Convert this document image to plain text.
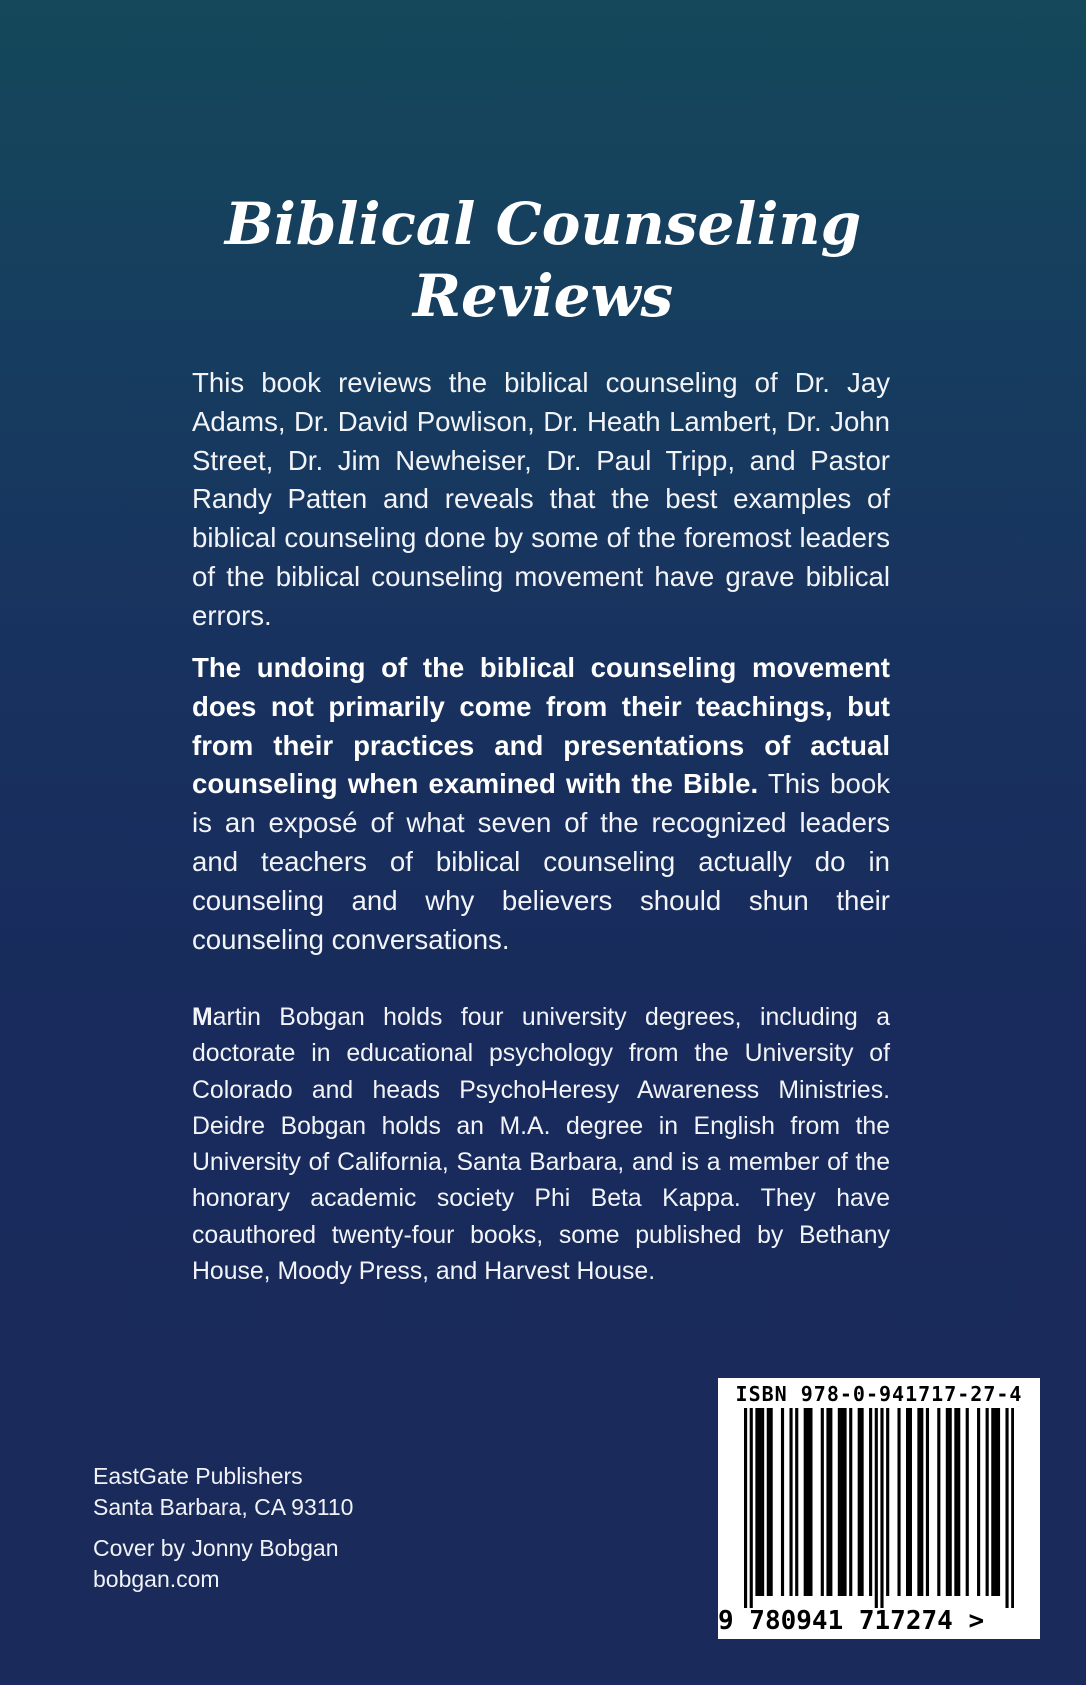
Biblical Counseling
Reviews

This book reviews the biblical counseling of Dr. Jay Adams, Dr. David Powlison, Dr. Heath Lambert, Dr. John Street, Dr. Jim Newheiser, Dr. Paul Tripp, and Pastor Randy Patten and reveals that the best examples of biblical counseling done by some of the foremost leaders of the biblical counseling movement have grave biblical errors.

The undoing of the biblical counseling movement does not primarily come from their teachings, but from their practices and presentations of actual counseling when examined with the Bible. This book is an exposé of what seven of the recognized leaders and teachers of biblical counseling actually do in counseling and why believers should shun their counseling conversations.

Martin Bobgan holds four university degrees, including a doctorate in educational psychology from the University of Colorado and heads PsychoHeresy Awareness Ministries. Deidre Bobgan holds an M.A. degree in English from the University of California, Santa Barbara, and is a member of the honorary academic society Phi Beta Kappa. They have coauthored twenty-four books, some published by Bethany House, Moody Press, and Harvest House.

EastGate Publishers
Santa Barbara, CA 93110
Cover by Jonny Bobgan
bobgan.com
ISBN 978-0-941717-27-4
9 780941 717274 >
